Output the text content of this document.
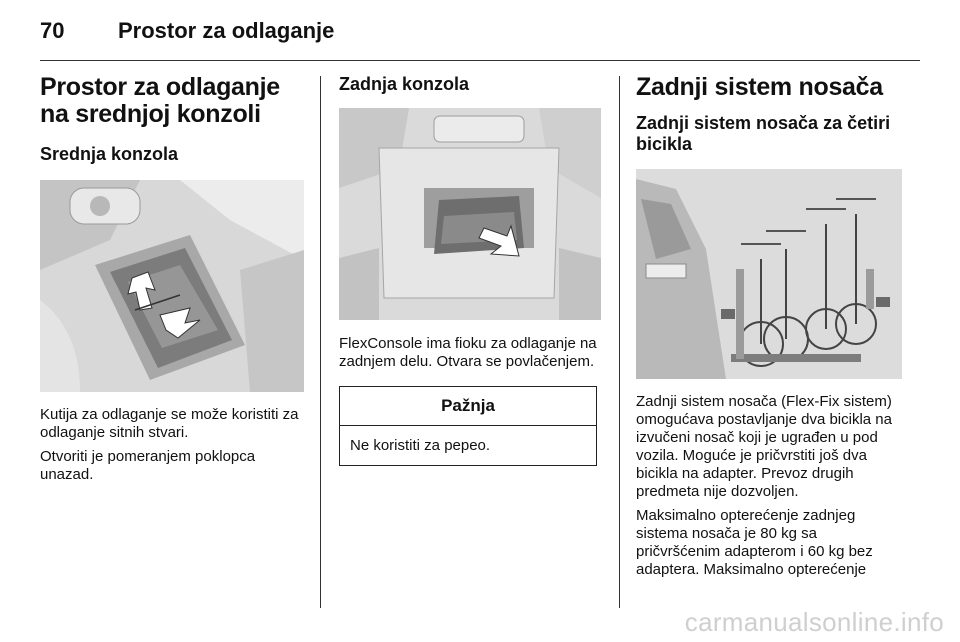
70 Prostor za odlaganje
Prostor za odlaganje na srednjoj konzoli
Srednja konzola

Kutija za odlaganje se može koristiti za odlaganje sitnih stvari.

Otvoriti je pomeranjem poklopca unazad.

Zadnja konzola

FlexConsole ima fioku za odlaganje na zadnjem delu. Otvara se povlačenjem.

Pažnja
Ne koristiti za pepeo.
Zadnji sistem nosača
Zadnji sistem nosača za četiri bicikla

Zadnji sistem nosača (Flex-Fix sistem) omogućava postavljanje dva bicikla na izvučeni nosač koji je ugrađen u pod vozila. Moguće je pričvrstiti još dva bicikla na adapter. Prevoz drugih predmeta nije dozvoljen.

Maksimalno opterećenje zadnjeg sistema nosača je 80 kg sa pričvršćenim adapterom i 60 kg bez adaptera. Maksimalno opterećenje

carmanualsonline.info
